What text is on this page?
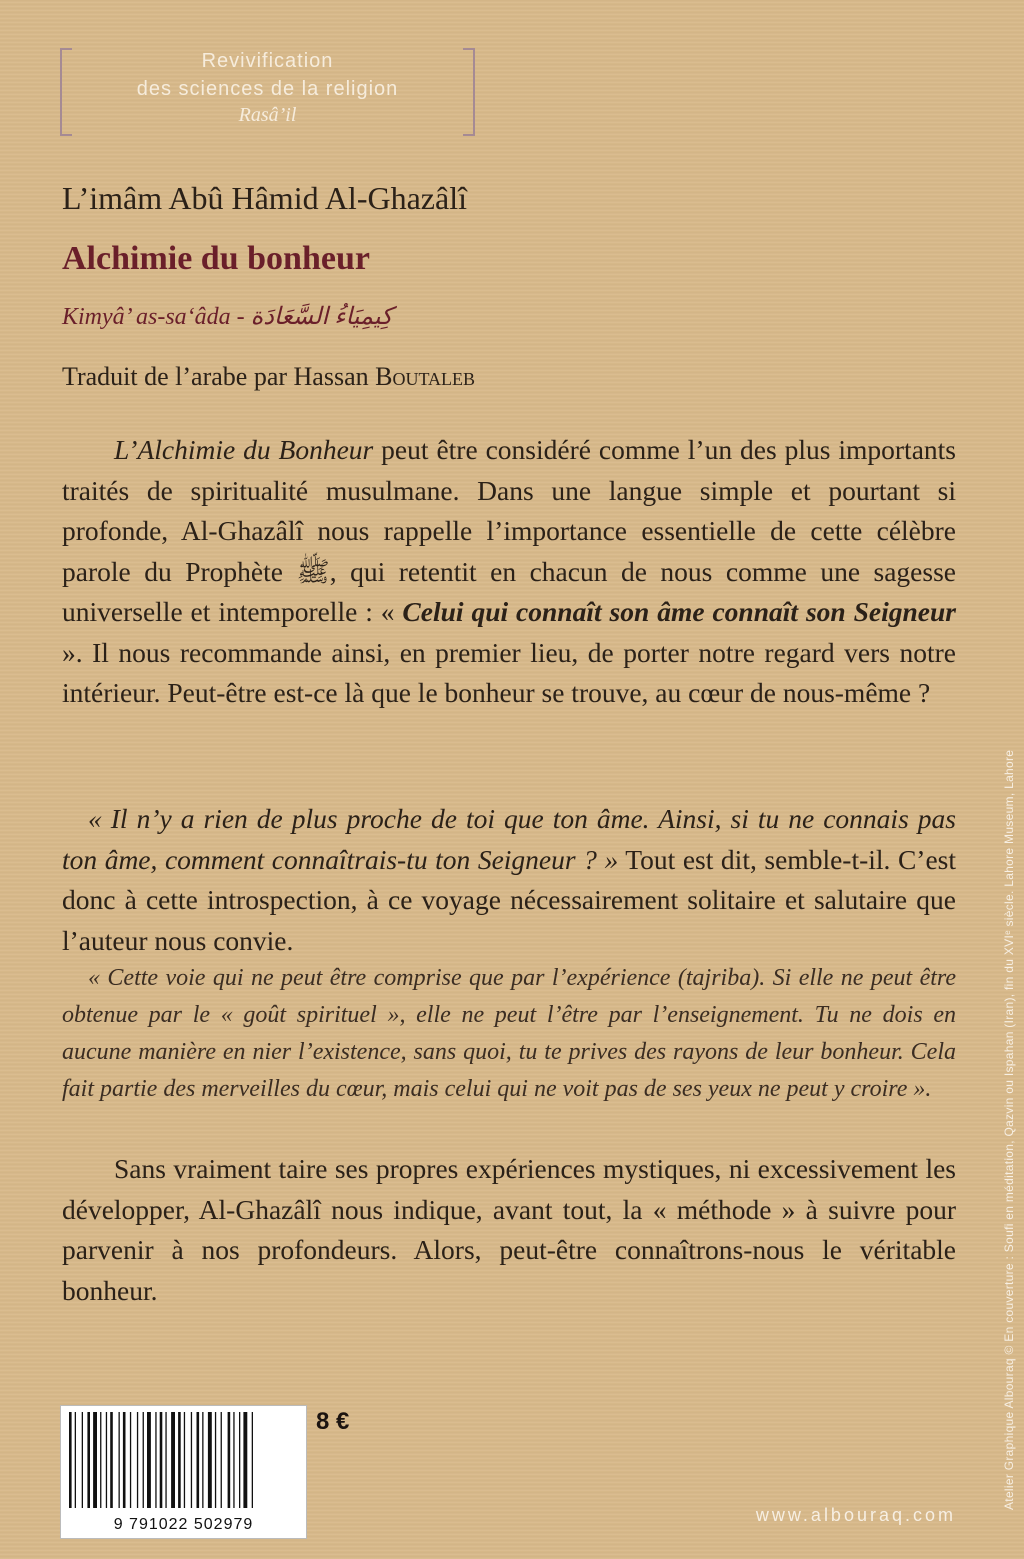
Revivification
des sciences de la religion
Rasâ’il
L’imâm Abû Hâmid Al-Ghazâlî
Alchimie du bonheur
Kimyâ’ as-sa‘âda - كِيمِيَاءُ السَّعَادَة
Traduit de l’arabe par Hassan Boutaleb
L’Alchimie du Bonheur peut être considéré comme l’un des plus importants traités de spiritualité musulmane. Dans une langue simple et pourtant si profonde, Al-Ghazâlî nous rappelle l’importance essentielle de cette célèbre parole du Prophète ﷺ, qui retentit en chacun de nous comme une sagesse universelle et intemporelle : « Celui qui connaît son âme connaît son Seigneur ». Il nous recommande ainsi, en premier lieu, de porter notre regard vers notre intérieur. Peut-être est-ce là que le bonheur se trouve, au cœur de nous-même ?
« Il n’y a rien de plus proche de toi que ton âme. Ainsi, si tu ne connais pas ton âme, comment connaîtrais-tu ton Seigneur ? » Tout est dit, semble-t-il. C’est donc à cette introspection, à ce voyage nécessairement solitaire et salutaire que l’auteur nous convie.
« Cette voie qui ne peut être comprise que par l’expérience (tajriba). Si elle ne peut être obtenue par le « goût spirituel », elle ne peut l’être par l’enseignement. Tu ne dois en aucune manière en nier l’existence, sans quoi, tu te prives des rayons de leur bonheur. Cela fait partie des merveilles du cœur, mais celui qui ne voit pas de ses yeux ne peut y croire ».
Sans vraiment taire ses propres expériences mystiques, ni excessivement les développer, Al-Ghazâlî nous indique, avant tout, la « méthode » à suivre pour parvenir à nos profondeurs. Alors, peut-être connaîtrons-nous le véritable bonheur.	Atelier Graphique Albouraq © En couverture : Soufi en méditation, Qazvin ou Ispahan (Iran), fin du XVIᵉ siècle. Lahore Museum, Lahore
9 791022 502979
8 €
www.albouraq.com
